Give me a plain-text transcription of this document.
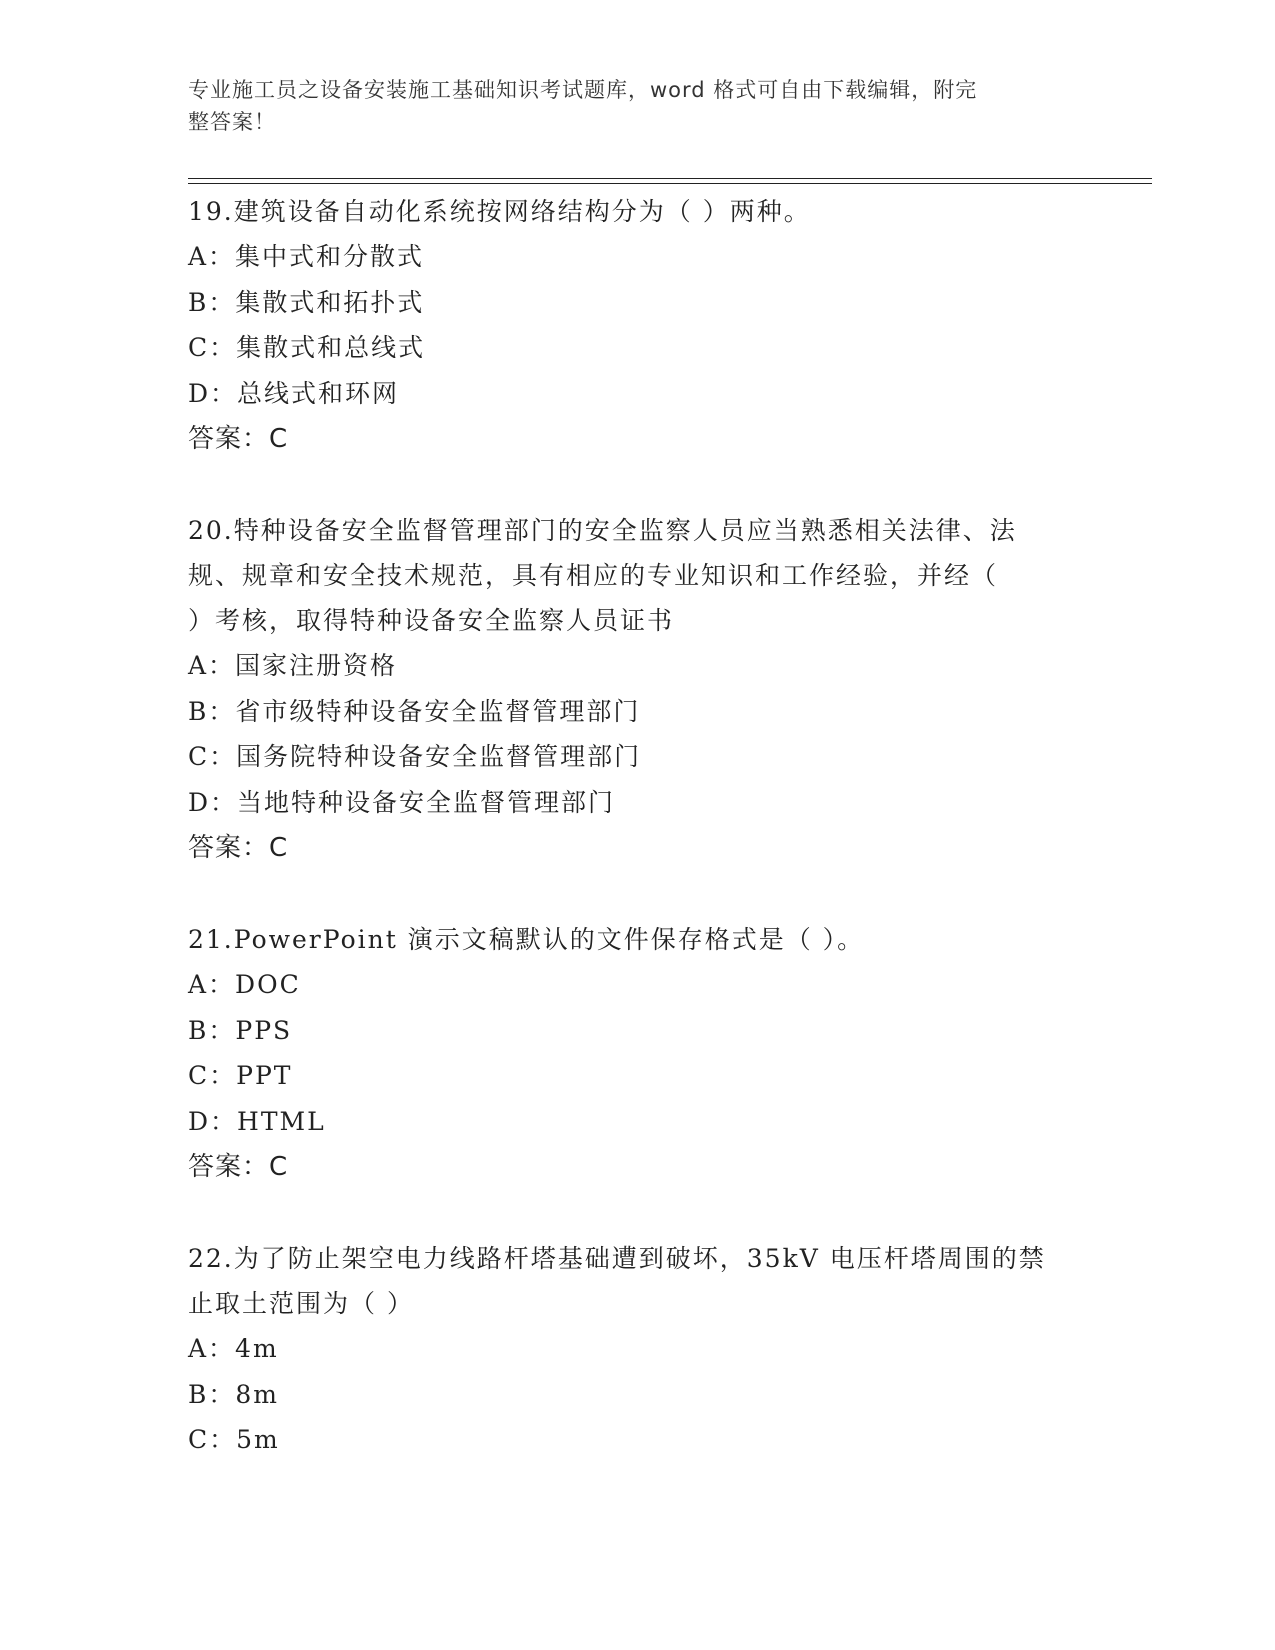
专业施工员之设备安装施工基础知识考试题库，word 格式可自由下载编辑，附完
整答案！
19.建筑设备自动化系统按网络结构分为（ ）两种。
A：集中式和分散式
B：集散式和拓扑式
C：集散式和总线式
D：总线式和环网
答案：C
20.特种设备安全监督管理部门的安全监察人员应当熟悉相关法律、法
规、规章和安全技术规范，具有相应的专业知识和工作经验，并经（
）考核，取得特种设备安全监察人员证书
A：国家注册资格
B：省市级特种设备安全监督管理部门
C：国务院特种设备安全监督管理部门
D：当地特种设备安全监督管理部门
答案：C
21.PowerPoint 演示文稿默认的文件保存格式是（ ）。
A：DOC
B：PPS
C：PPT
D：HTML
答案：C
22.为了防止架空电力线路杆塔基础遭到破坏，35kV 电压杆塔周围的禁
止取土范围为（ ）
A：4m
B：8m
C：5m
